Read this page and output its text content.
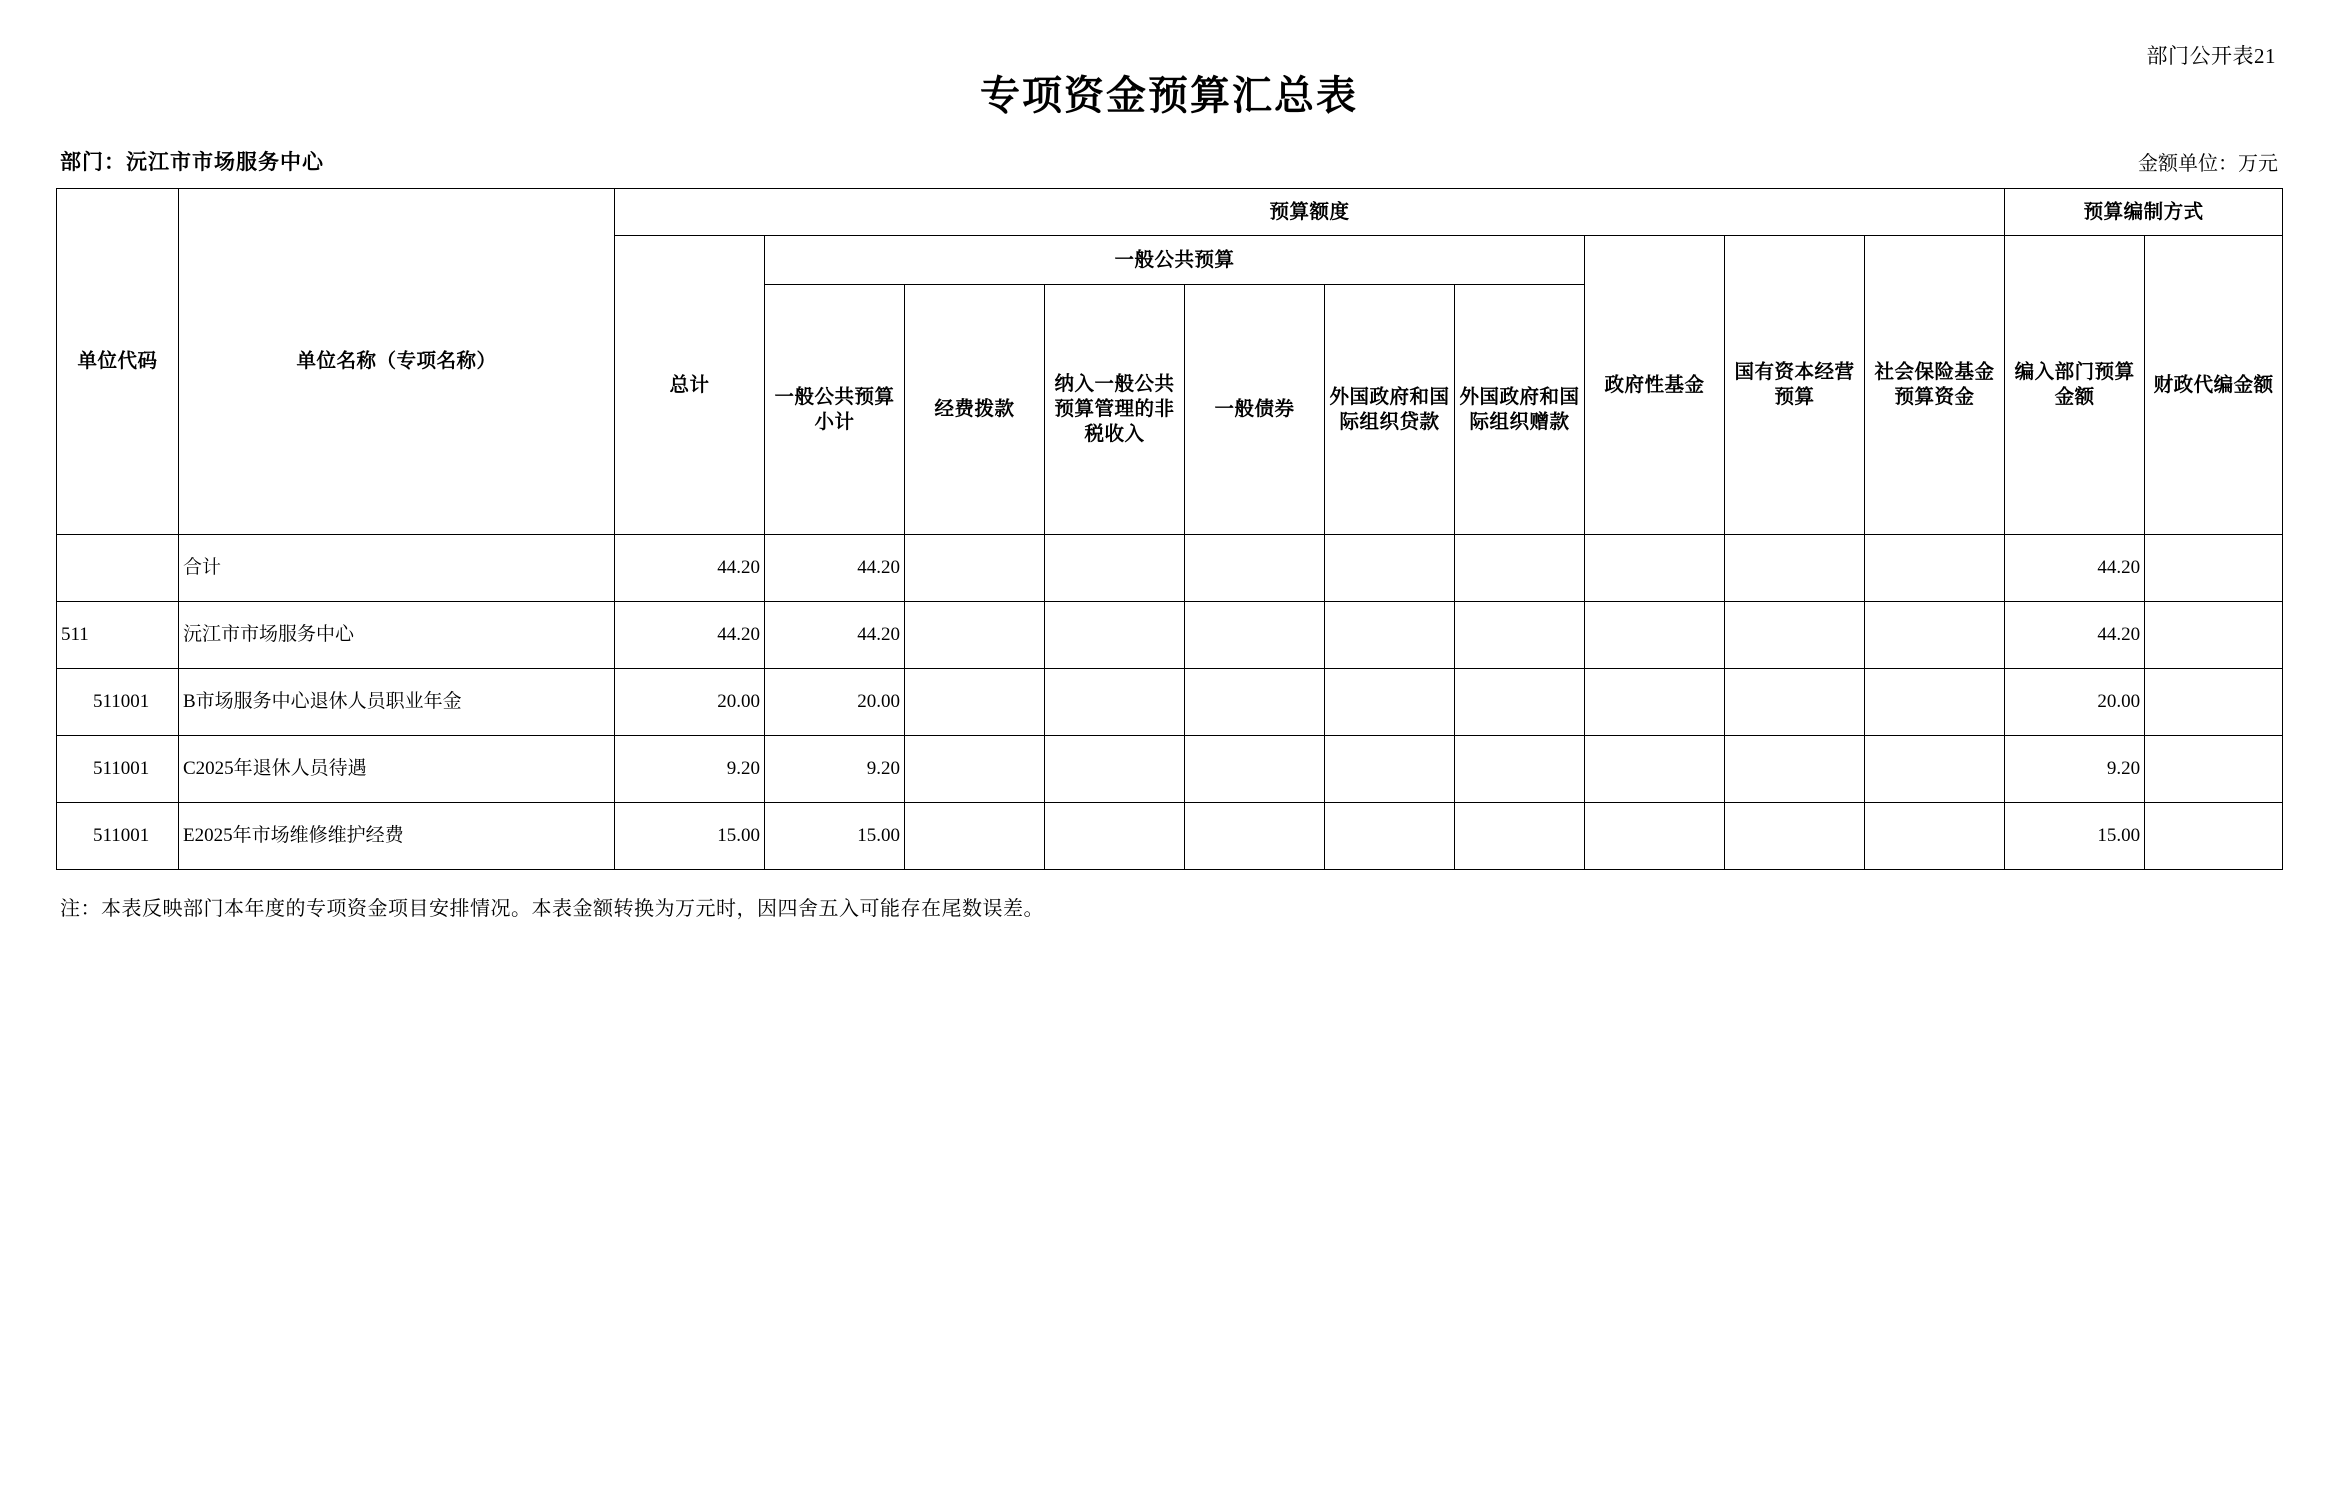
部门公开表21
专项资金预算汇总表
部门：沅江市市场服务中心	金额单位：万元
单位代码	单位名称（专项名称）	预算额度										预算编制方式	
		总计	一般公共预算						政府性基金	国有资本经营预算	社会保险基金预算资金	编入部门预算金额	财政代编金额
			一般公共预算小计	经费拨款	纳入一般公共预算管理的非税收入	一般债券	外国政府和国际组织贷款	外国政府和国际组织赠款					
	合计	44.20	44.20									44.20	
511	沅江市市场服务中心	44.20	44.20									44.20	
511001	B市场服务中心退休人员职业年金	20.00	20.00									20.00	
511001	C2025年退休人员待遇	9.20	9.20									9.20	
511001	E2025年市场维修维护经费	15.00	15.00									15.00	
注：本表反映部门本年度的专项资金项目安排情况。本表金额转换为万元时，因四舍五入可能存在尾数误差。
